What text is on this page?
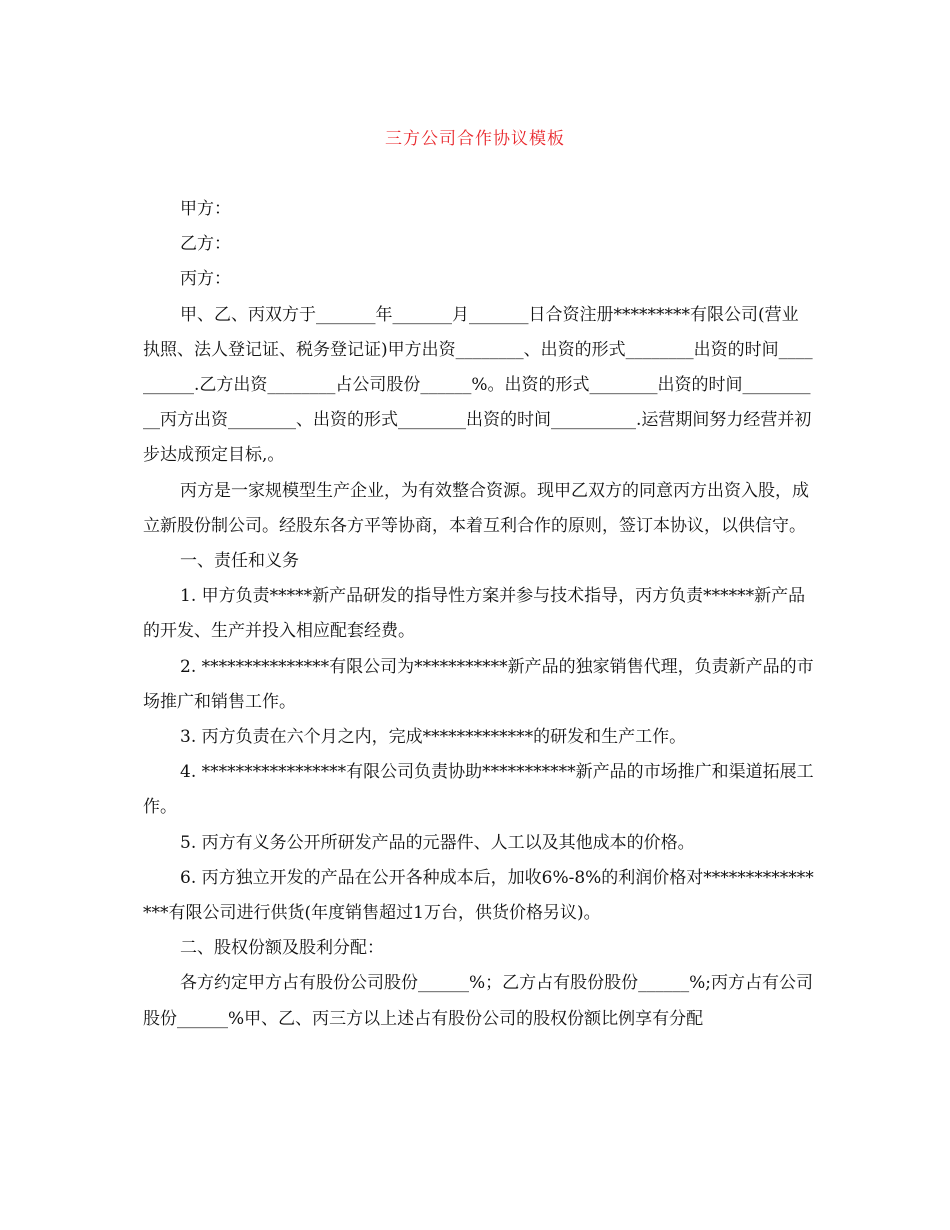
三方公司合作协议模板

甲方：

乙方：

丙方：

甲、乙、丙双方于_______年_______月_______日合资注册*********有限公司(营业执照、法人登记证、税务登记证)甲方出资________、出资的形式________出资的时间__________.乙方出资________占公司股份______%。出资的形式________出资的时间__________丙方出资________、出资的形式________出资的时间__________.运营期间努力经营并初步达成预定目标,。

丙方是一家规模型生产企业，为有效整合资源。现甲乙双方的同意丙方出资入股，成立新股份制公司。经股东各方平等协商，本着互利合作的原则，签订本协议，以供信守。

一、责任和义务

1. 甲方负责*****新产品研发的指导性方案并参与技术指导，丙方负责******新产品的开发、生产并投入相应配套经费。

2. ***************有限公司为***********新产品的独家销售代理，负责新产品的市场推广和销售工作。

3. 丙方负责在六个月之内，完成*************的研发和生产工作。

4. *****************有限公司负责协助***********新产品的市场推广和渠道拓展工作。

5. 丙方有义务公开所研发产品的元器件、人工以及其他成本的价格。

6. 丙方独立开发的产品在公开各种成本后，加收6%-8%的利润价格对****************有限公司进行供货(年度销售超过1万台，供货价格另议)。

二、股权份额及股利分配：

各方约定甲方占有股份公司股份______%；乙方占有股份股份______%;丙方占有公司股份______%甲、乙、丙三方以上述占有股份公司的股权份额比例享有分配
